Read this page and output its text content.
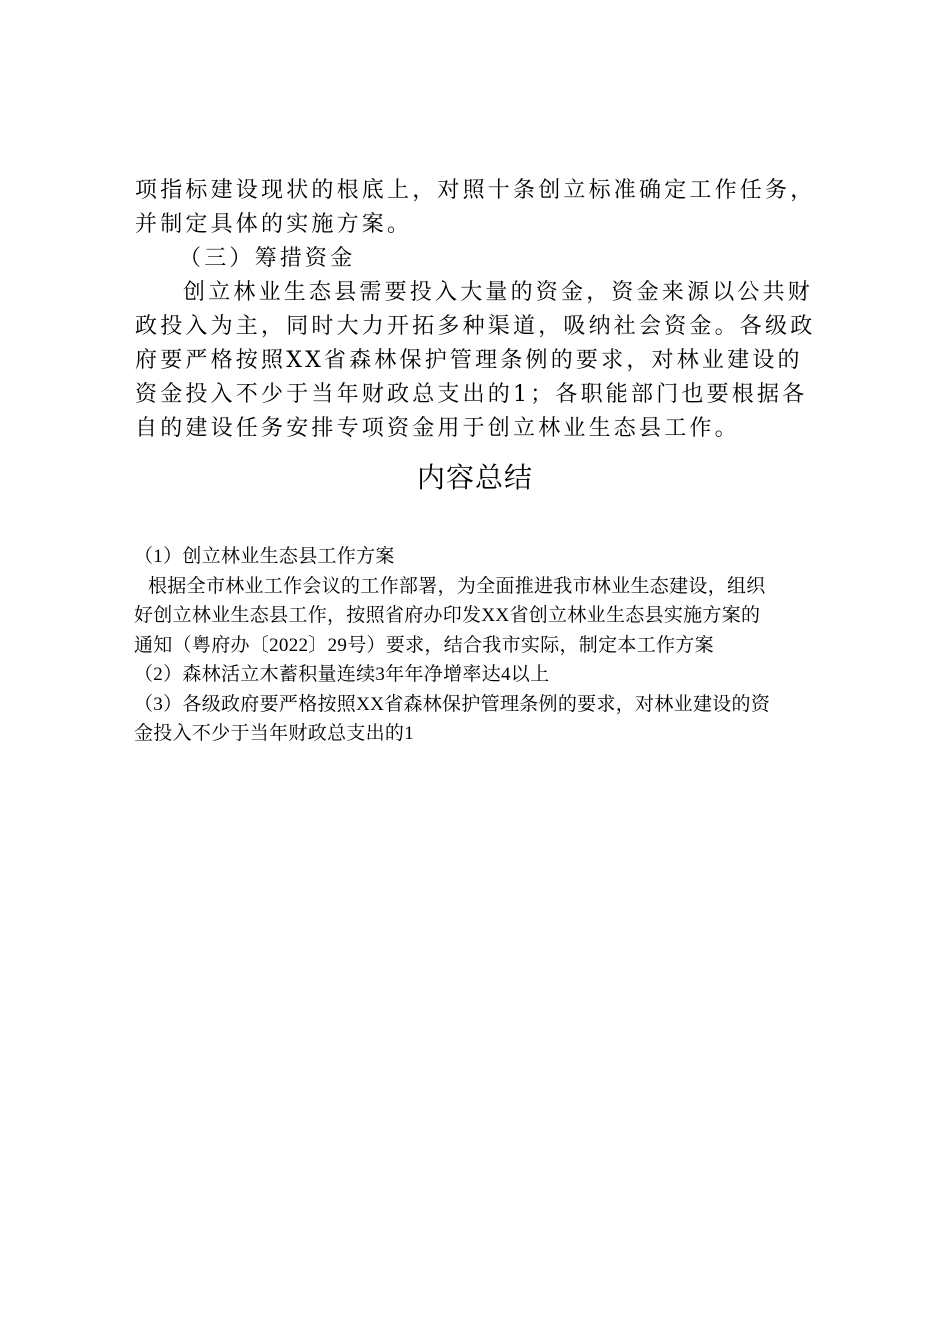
项指标建设现状的根底上，对照十条创立标准确定工作任务，

并制定具体的实施方案。

（三）筹措资金

创立林业生态县需要投入大量的资金，资金来源以公共财

政投入为主，同时大力开拓多种渠道，吸纳社会资金。各级政

府要严格按照XX省森林保护管理条例的要求，对林业建设的

资金投入不少于当年财政总支出的1；各职能部门也要根据各

自的建设任务安排专项资金用于创立林业生态县工作。

内容总结

（1）创立林业生态县工作方案

根据全市林业工作会议的工作部署，为全面推进我市林业生态建设，组织

好创立林业生态县工作，按照省府办印发XX省创立林业生态县实施方案的

通知（粤府办〔2022〕29号）要求，结合我市实际，制定本工作方案

（2）森林活立木蓄积量连续3年年净增率达4以上

（3）各级政府要严格按照XX省森林保护管理条例的要求，对林业建设的资

金投入不少于当年财政总支出的1
